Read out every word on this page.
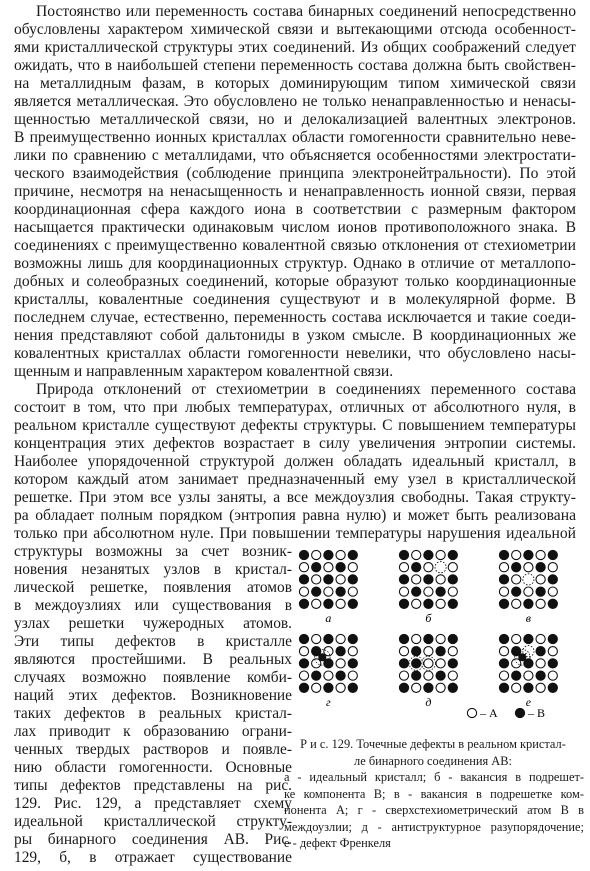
Постоянство или переменность состава бинарных соединений непосредственно
обусловлены характером химической связи и вытекающими отсюда особенност-
ями кристаллической структуры этих соединений. Из общих соображений следует
ожидать, что в наибольшей степени переменность состава должна быть свойствен-
на металлидным фазам, в которых доминирующим типом химической связи
является металлическая. Это обусловлено не только ненаправленностью и ненасы-
щенностью металлической связи, но и делокализацией валентных электронов.
В преимущественно ионных кристаллах области гомогенности сравнительно неве-
лики по сравнению с металлидами, что объясняется особенностями электростати-
ческого взаимодействия (соблюдение принципа электронейтральности). По этой
причине, несмотря на ненасыщенность и ненаправленность ионной связи, первая
координационная сфера каждого иона в соответствии с размерным фактором
насыщается практически одинаковым числом ионов противоположного знака. В
соединениях с преимущественно ковалентной связью отклонения от стехиометрии
возможны лишь для координационных структур. Однако в отличие от металлопо-
добных и солеобразных соединений, которые образуют только координационные
кристаллы, ковалентные соединения существуют и в молекулярной форме. В
последнем случае, естественно, переменность состава исключается и такие соеди-
нения представляют собой дальтониды в узком смысле. В координационных же
ковалентных кристаллах области гомогенности невелики, что обусловлено насы-
щенным и направленным характером ковалентной связи.
Природа отклонений от стехиометрии в соединениях переменного состава
состоит в том, что при любых температурах, отличных от абсолютного нуля, в
реальном кристалле существуют дефекты структуры. С повышением температуры
концентрация этих дефектов возрастает в силу увеличения энтропии системы.
Наиболее упорядоченной структурой должен обладать идеальный кристалл, в
котором каждый атом занимает предназначенный ему узел в кристаллической
решетке. При этом все узлы заняты, а все междоузлия свободны. Такая структу-
ра обладает полным порядком (энтропия равна нулю) и может быть реализована
только при абсолютном нуле. При повышении температуры нарушения идеальной
структуры возможны за счет возник-
новения незанятых узлов в кристал-
лической решетке, появления атомов
в междоузлиях или существования в
узлах решетки чужеродных атомов.
Эти типы дефектов в кристалле
являются простейшими. В реальных
случаях возможно появление комби-
наций этих дефектов. Возникновение
таких дефектов в реальных кристал-
лах приводит к образованию ограни-
ченных твердых растворов и появле-
нию области гомогенности. Основные
типы дефектов представлены на рис.
129. Рис. 129, а представляет схему
идеальной кристаллической структу-
ры бинарного соединения AB. Рис.
129, б, в отражает существование
а	б	в
г	д	е
– А	– В
Р и с. 129. Точечные дефекты в реальном кристал-
ле бинарного соединения AB:
а - идеальный кристалл; б - вакансия в подрешет-
ке компонента B; в - вакансия в подрешетке ком-
понента A; г - сверхстехиометрический атом B в
междоузлии; д - антиструктурное разупорядочение;
е - дефект Френкеля
